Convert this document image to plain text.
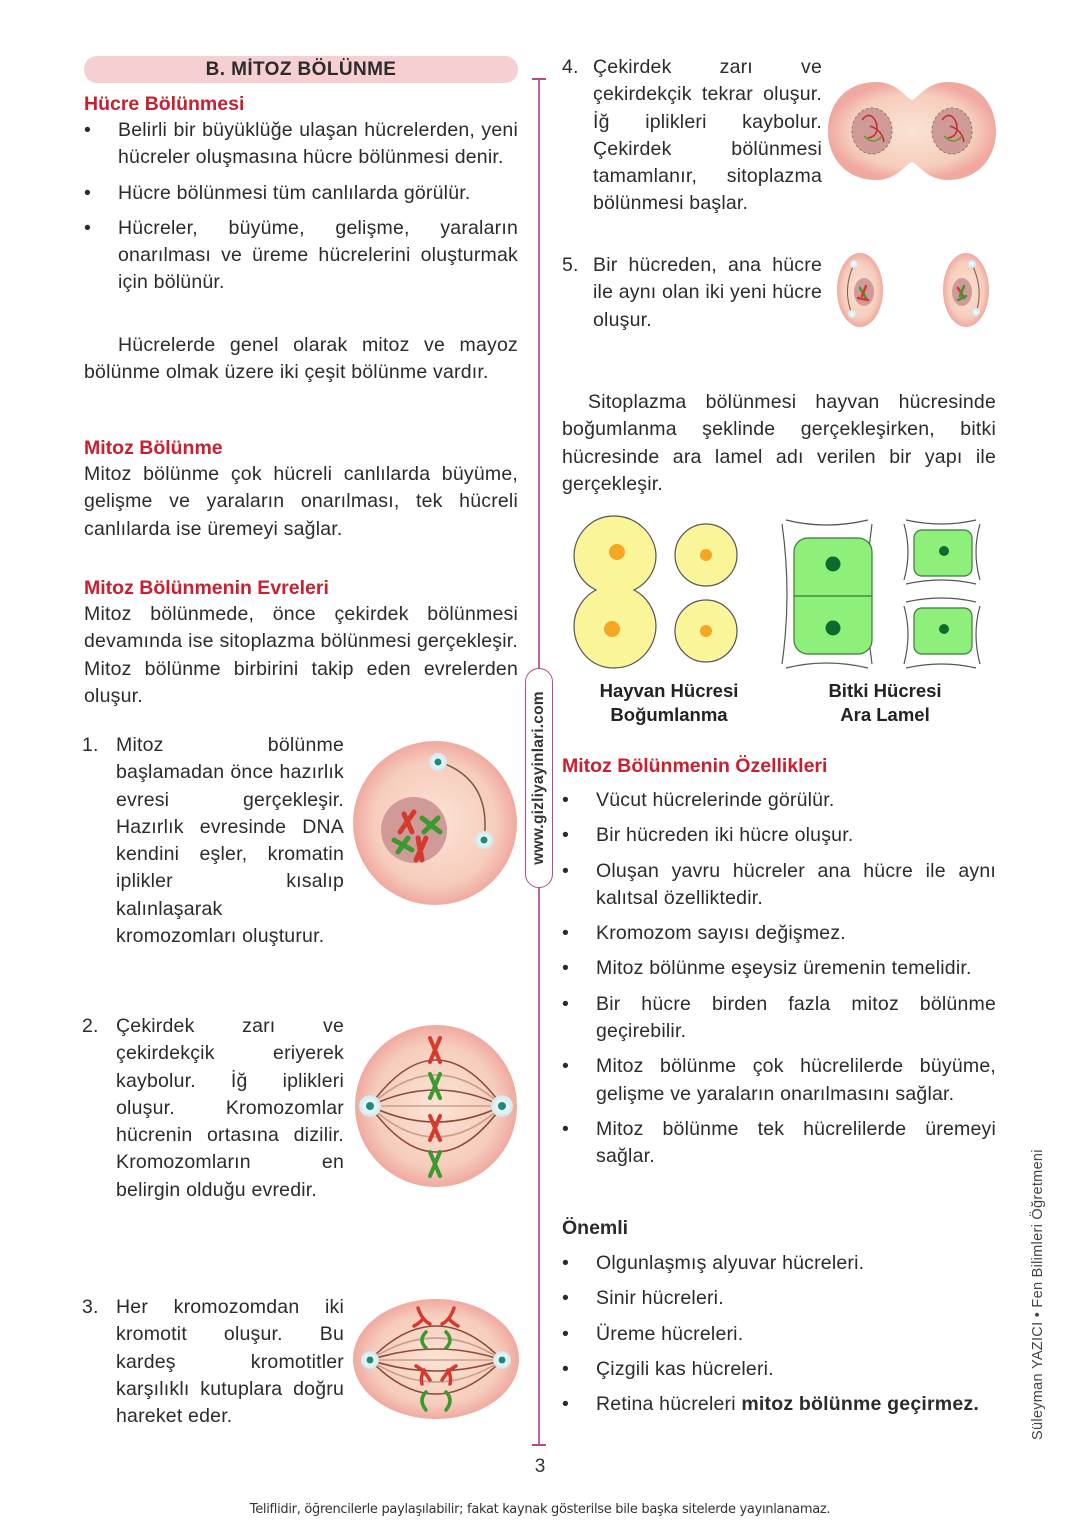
B. MİTOZ BÖLÜNME
Hücre Bölünmesi
•	Belirli bir büyüklüğe ulaşan hücrelerden, yeni hücreler oluşmasına hücre bölünmesi denir.
•	Hücre bölünmesi tüm canlılarda görülür.
•	Hücreler, büyüme, gelişme, yaraların onarılması ve üreme hücrelerini oluşturmak için bölünür.

Hücrelerde genel olarak mitoz ve mayoz bölünme olmak üzere iki çeşit bölünme vardır.

Mitoz Bölünme

Mitoz bölünme çok hücreli canlılarda büyüme, gelişme ve yaraların onarılması, tek hücreli canlılarda ise üremeyi sağlar.

Mitoz Bölünmenin Evreleri

Mitoz bölünmede, önce çekirdek bölünmesi devamında ise sitoplazma bölünmesi gerçekleşir. Mitoz bölünme birbirini takip eden evrelerden oluşur.

1. Mitoz bölünme başlamadan önce hazırlık evresi gerçekleşir. Hazırlık evresinde DNA kendini eşler, kromatin iplikler kısalıp kalınlaşarak kromozomları oluşturur.
2. Çekirdek zarı ve çekirdekçik eriyerek kaybolur. İğ iplikleri oluşur. Kromozomlar hücrenin ortasına dizilir. Kromozomların en belirgin olduğu evredir.
3. Her kromozomdan iki kromotit oluşur. Bu kardeş kromotitler karşılıklı kutuplara doğru hareket eder.
www.gizliyayinlari.com
4. Çekirdek zarı ve çekirdekçik tekrar oluşur. İğ iplikleri kaybolur. Çekirdek bölünmesi tamamlanır, sitoplazma bölünmesi başlar.
5. Bir hücreden, ana hücre ile aynı olan iki yeni hücre oluşur.

Sitoplazma bölünmesi hayvan hücresinde boğumlanma şeklinde gerçekleşirken, bitki hücresinde ara lamel adı verilen bir yapı ile gerçekleşir.

Hayvan Hücresi
Boğumlanma
Bitki Hücresi
Ara Lamel
Mitoz Bölünmenin Özellikleri
•	Vücut hücrelerinde görülür.
•	Bir hücreden iki hücre oluşur.
•	Oluşan yavru hücreler ana hücre ile aynı kalıtsal özelliktedir.
•	Kromozom sayısı değişmez.
•	Mitoz bölünme eşeysiz üremenin temelidir.
•	Bir hücre birden fazla mitoz bölünme geçirebilir.
•	Mitoz bölünme çok hücrelilerde büyüme, gelişme ve yaraların onarılmasını sağlar.
•	Mitoz bölünme tek hücrelilerde üremeyi sağlar.
Önemli
•	Olgunlaşmış alyuvar hücreleri.
•	Sinir hücreleri.
•	Üreme hücreleri.
•	Çizgili kas hücreleri.
•	Retina hücreleri mitoz bölünme geçirmez.	Süleyman YAZICI • Fen Bilimleri Öğretmeni
3
Teliflidir, öğrencilerle paylaşılabilir; fakat kaynak gösterilse bile başka sitelerde yayınlanamaz.
